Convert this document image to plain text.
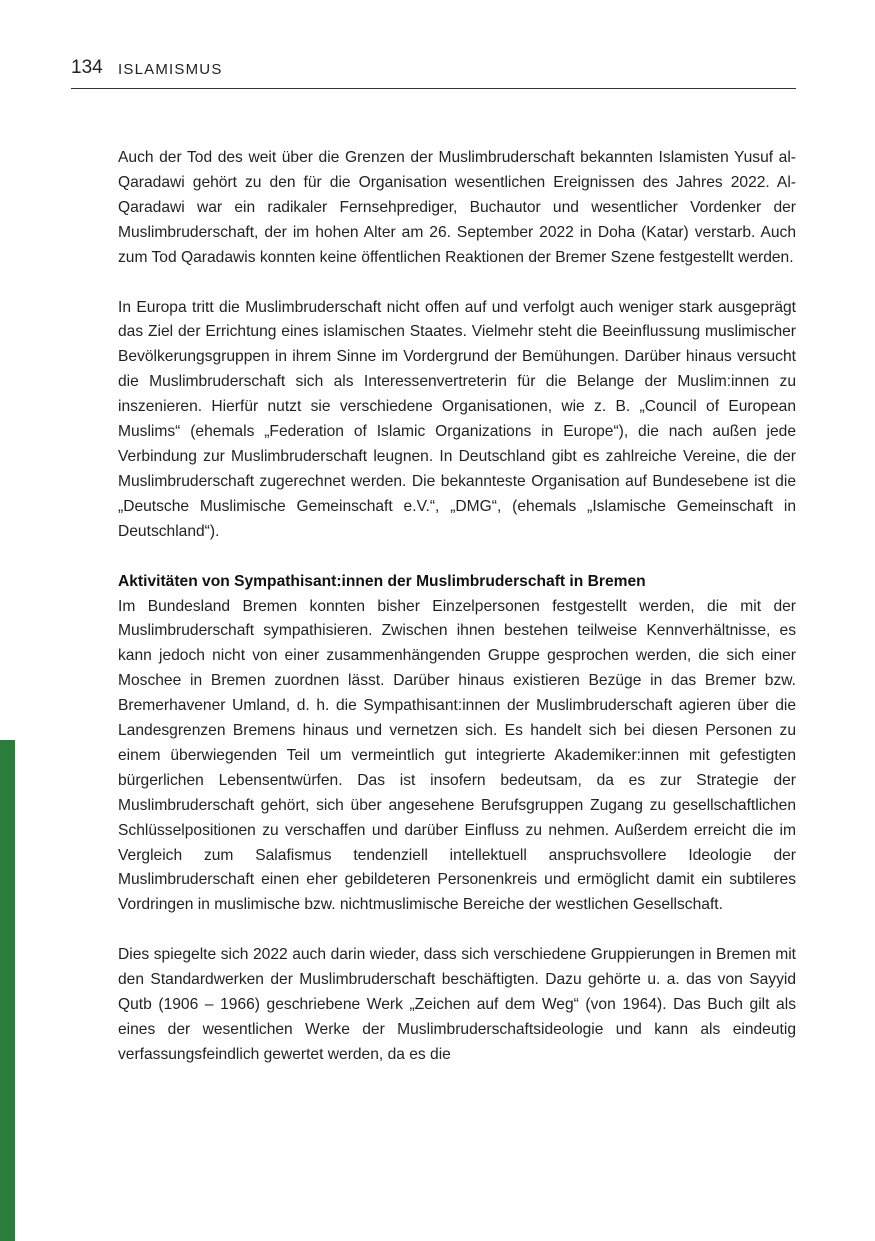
134 ISLAMISMUS

Auch der Tod des weit über die Grenzen der Muslimbruderschaft bekannten Islamisten Yusuf al-Qaradawi gehört zu den für die Organisation wesentlichen Ereignissen des Jahres 2022. Al-Qaradawi war ein radikaler Fernsehprediger, Buchautor und wesentlicher Vordenker der Muslimbruderschaft, der im hohen Alter am 26. September 2022 in Doha (Katar) verstarb. Auch zum Tod Qaradawis konnten keine öffentlichen Reaktionen der Bremer Szene festgestellt werden.

In Europa tritt die Muslimbruderschaft nicht offen auf und verfolgt auch weniger stark ausgeprägt das Ziel der Errichtung eines islamischen Staates. Vielmehr steht die Beeinflussung muslimischer Bevölkerungsgruppen in ihrem Sinne im Vordergrund der Bemühungen. Darüber hinaus versucht die Muslimbruderschaft sich als Interessenvertreterin für die Belange der Muslim:innen zu inszenieren. Hierfür nutzt sie verschiedene Organisationen, wie z. B. „Council of European Muslims“ (ehemals „Federation of Islamic Organizations in Europe“), die nach außen jede Verbindung zur Muslimbruderschaft leugnen. In Deutschland gibt es zahlreiche Vereine, die der Muslimbruderschaft zugerechnet werden. Die bekannteste Organisation auf Bundesebene ist die „Deutsche Muslimische Gemeinschaft e.V.“, „DMG“, (ehemals „Islamische Gemeinschaft in Deutschland“).

Aktivitäten von Sympathisant:innen der Muslimbruderschaft in Bremen

Im Bundesland Bremen konnten bisher Einzelpersonen festgestellt werden, die mit der Muslimbruderschaft sympathisieren. Zwischen ihnen bestehen teilweise Kennverhältnisse, es kann jedoch nicht von einer zusammenhängenden Gruppe gesprochen werden, die sich einer Moschee in Bremen zuordnen lässt. Darüber hinaus existieren Bezüge in das Bremer bzw. Bremerhavener Umland, d. h. die Sympathisant:innen der Muslimbruderschaft agieren über die Landesgrenzen Bremens hinaus und vernetzen sich. Es handelt sich bei diesen Personen zu einem überwiegenden Teil um vermeintlich gut integrierte Akademiker:innen mit gefestigten bürgerlichen Lebensentwürfen. Das ist insofern bedeutsam, da es zur Strategie der Muslimbruderschaft gehört, sich über angesehene Berufsgruppen Zugang zu gesellschaftlichen Schlüsselpositionen zu verschaffen und darüber Einfluss zu nehmen. Außerdem erreicht die im Vergleich zum Salafismus tendenziell intellektuell anspruchsvollere Ideologie der Muslimbruderschaft einen eher gebildeteren Personenkreis und ermöglicht damit ein subtileres Vordringen in muslimische bzw. nichtmuslimische Bereiche der westlichen Gesellschaft.

Dies spiegelte sich 2022 auch darin wieder, dass sich verschiedene Gruppierungen in Bremen mit den Standardwerken der Muslimbruderschaft beschäftigten. Dazu gehörte u. a. das von Sayyid Qutb (1906 – 1966) geschriebene Werk „Zeichen auf dem Weg“ (von 1964). Das Buch gilt als eines der wesentlichen Werke der Muslimbruderschaftsideologie und kann als eindeutig verfassungsfeindlich gewertet werden, da es die
